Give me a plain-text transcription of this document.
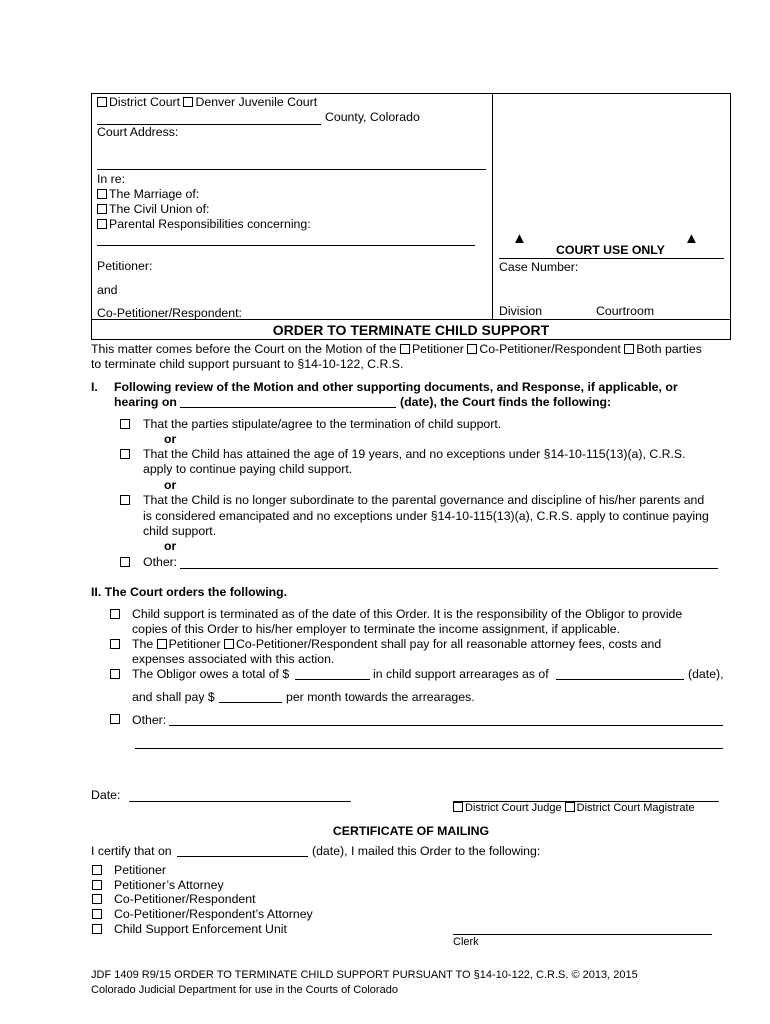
District Court Denver Juvenile Court
County, Colorado
Court Address:
In re:
The Marriage of:
The Civil Union of:
Parental Responsibilities concerning:
Petitioner:
and
Co-Petitioner/Respondent:
▲	▲
COURT USE ONLY
Case Number:
Division	Courtroom
ORDER TO TERMINATE CHILD SUPPORT
This matter comes before the Court on the Motion of the Petitioner Co-Petitioner/Respondent Both parties
to terminate child support pursuant to §14-10-122, C.R.S.
I. Following review of the Motion and other supporting documents, and Response, if applicable, or
hearing on	(date), the Court finds the following:
That the parties stipulate/agree to the termination of child support.
or
That the Child has attained the age of 19 years, and no exceptions under §14-10-115(13)(a), C.R.S.
apply to continue paying child support.
or
That the Child is no longer subordinate to the parental governance and discipline of his/her parents and
is considered emancipated and no exceptions under §14-10-115(13)(a), C.R.S. apply to continue paying
child support.
or
Other:
II. The Court orders the following.
Child support is terminated as of the date of this Order. It is the responsibility of the Obligor to provide
copies of this Order to his/her employer to terminate the income assignment, if applicable.
The Petitioner Co-Petitioner/Respondent shall pay for all reasonable attorney fees, costs and
expenses associated with this action.
The Obligor owes a total of $	in child support arrearages as of	(date),
and shall pay $	per month towards the arrearages.
Other:
Date:
District Court Judge District Court Magistrate
CERTIFICATE OF MAILING
I certify that on	(date), I mailed this Order to the following:
Petitioner
Petitioner’s Attorney
Co-Petitioner/Respondent
Co-Petitioner/Respondent’s Attorney
Child Support Enforcement Unit
Clerk
JDF 1409 R9/15 ORDER TO TERMINATE CHILD SUPPORT PURSUANT TO §14-10-122, C.R.S. © 2013, 2015
Colorado Judicial Department for use in the Courts of Colorado
